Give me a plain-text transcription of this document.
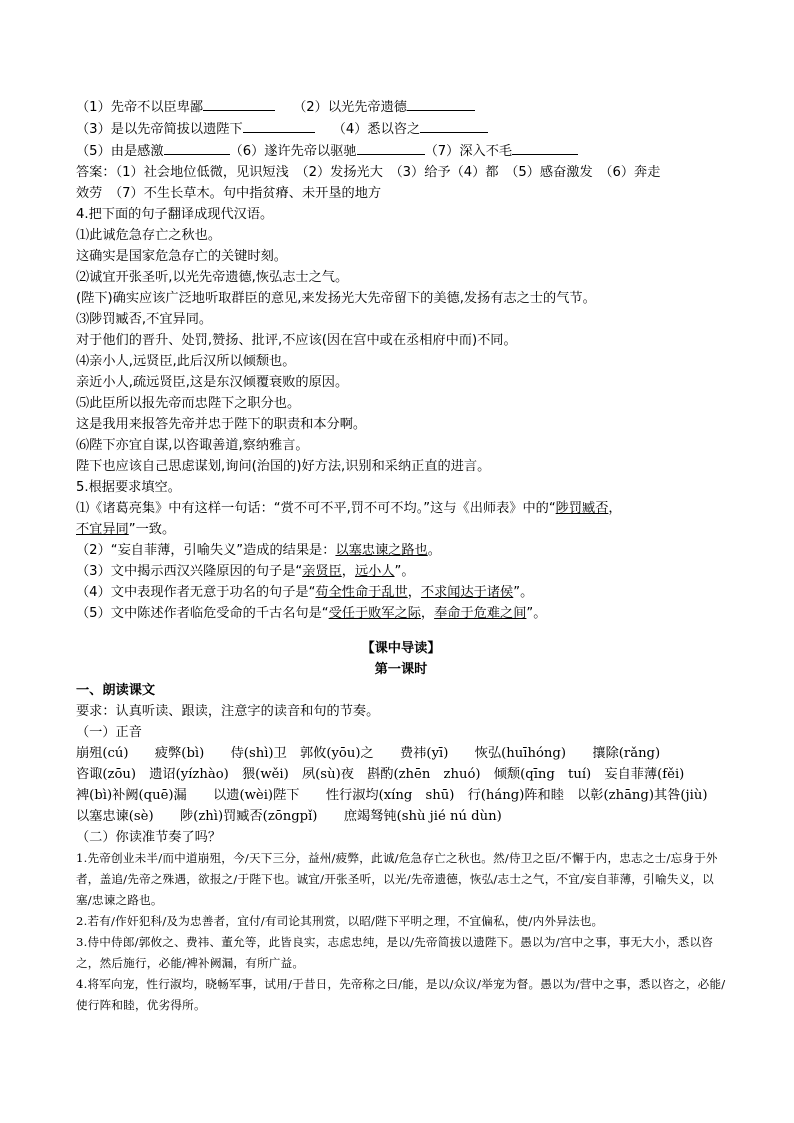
（1）先帝不以臣卑鄙	（2）以光先帝遗德
（3）是以先帝简拔以遗陛下	（4）悉以咨之
（5）由是感激	（6）遂许先帝以驱驰	（7）深入不毛
答案：（1）社会地位低微，见识短浅　（2）发扬光大　（3）给予（4）都　（5）感奋激发　（6）奔走
效劳　（7）不生长草木。句中指贫瘠、未开垦的地方
4.把下面的句子翻译成现代汉语。
⑴此诚危急存亡之秋也。
这确实是国家危急存亡的关键时刻。
⑵诚宜开张圣听,以光先帝遗德,恢弘志士之气。
(陛下)确实应该广泛地听取群臣的意见,来发扬光大先帝留下的美德,发扬有志之士的气节。
⑶陟罚臧否,不宜异同。
对于他们的晋升、处罚,赞扬、批评,不应该(因在宫中或在丞相府中而)不同。
⑷亲小人,远贤臣,此后汉所以倾颓也。
亲近小人,疏远贤臣,这是东汉倾覆衰败的原因。
⑸此臣所以报先帝而忠陛下之职分也。
这是我用来报答先帝并忠于陛下的职责和本分啊。
⑹陛下亦宜自谋,以咨诹善道,察纳雅言。
陛下也应该自己思虑谋划,询问(治国的)好方法,识别和采纳正直的进言。
5.根据要求填空。
⑴《诸葛亮集》中有这样一句话：“赏不可不平,罚不可不均。”这与《出师表》中的“陟罚臧否，
不宜异同”一致。
（2）“妄自菲薄，引喻失义”造成的结果是：以塞忠谏之路也。
（3）文中揭示西汉兴隆原因的句子是“亲贤臣，远小人”。
（4）文中表现作者无意于功名的句子是“苟全性命于乱世，不求闻达于诸侯”。
（5）文中陈述作者临危受命的千古名句是“受任于败军之际，奉命于危难之间”。
【课中导读】
第一课时
一、朗读课文
要求：认真听读、跟读，注意字的读音和句的节奏。
（一）正音
崩殂(cú)　　疲弊(bì)　　侍(shì)卫　郭攸(yōu)之　　费祎(yī)　　恢弘(huīhóng)　　攘除(rǎng)
咨诹(zōu)　遗诏(yízhào)　猥(wěi)　夙(sù)夜　斟酌(zhēn　zhuó)　倾颓(qīng　tuí)　妄自菲薄(fěi)
裨(bì)补阙(quē)漏　　以遗(wèi)陛下　　性行淑均(xíng　shū)　行(háng)阵和睦　以彰(zhāng)其咎(jiù)
以塞忠谏(sè)　　陟(zhì)罚臧否(zōngpǐ)　　庶竭驽钝(shù jié nú dùn)
（二）你读准节奏了吗？
1.先帝创业未半/而中道崩殂，今/天下三分，益州/疲弊，此诚/危急存亡之秋也。然/侍卫之臣/不懈于内，忠志之士/忘身于外者，盖追/先帝之殊遇，欲报之/于陛下也。诚宜/开张圣听，以光/先帝遗德，恢弘/志士之气，不宜/妄自菲薄，引喻失义，以塞/忠谏之路也。
2.若有/作奸犯科/及为忠善者，宜付/有司论其刑赏，以昭/陛下平明之理，不宜偏私，使/内外异法也。
3.侍中侍郎/郭攸之、费祎、董允等，此皆良实，志虑忠纯，是以/先帝简拔以遗陛下。愚以为/宫中之事，事无大小，悉以咨之，然后施行，必能/裨补阙漏，有所广益。
4.将军向宠，性行淑均，晓畅军事，试用/于昔日，先帝称之曰/能，是以/众议/举宠为督。愚以为/营中之事，悉以咨之，必能/使行阵和睦，优劣得所。
